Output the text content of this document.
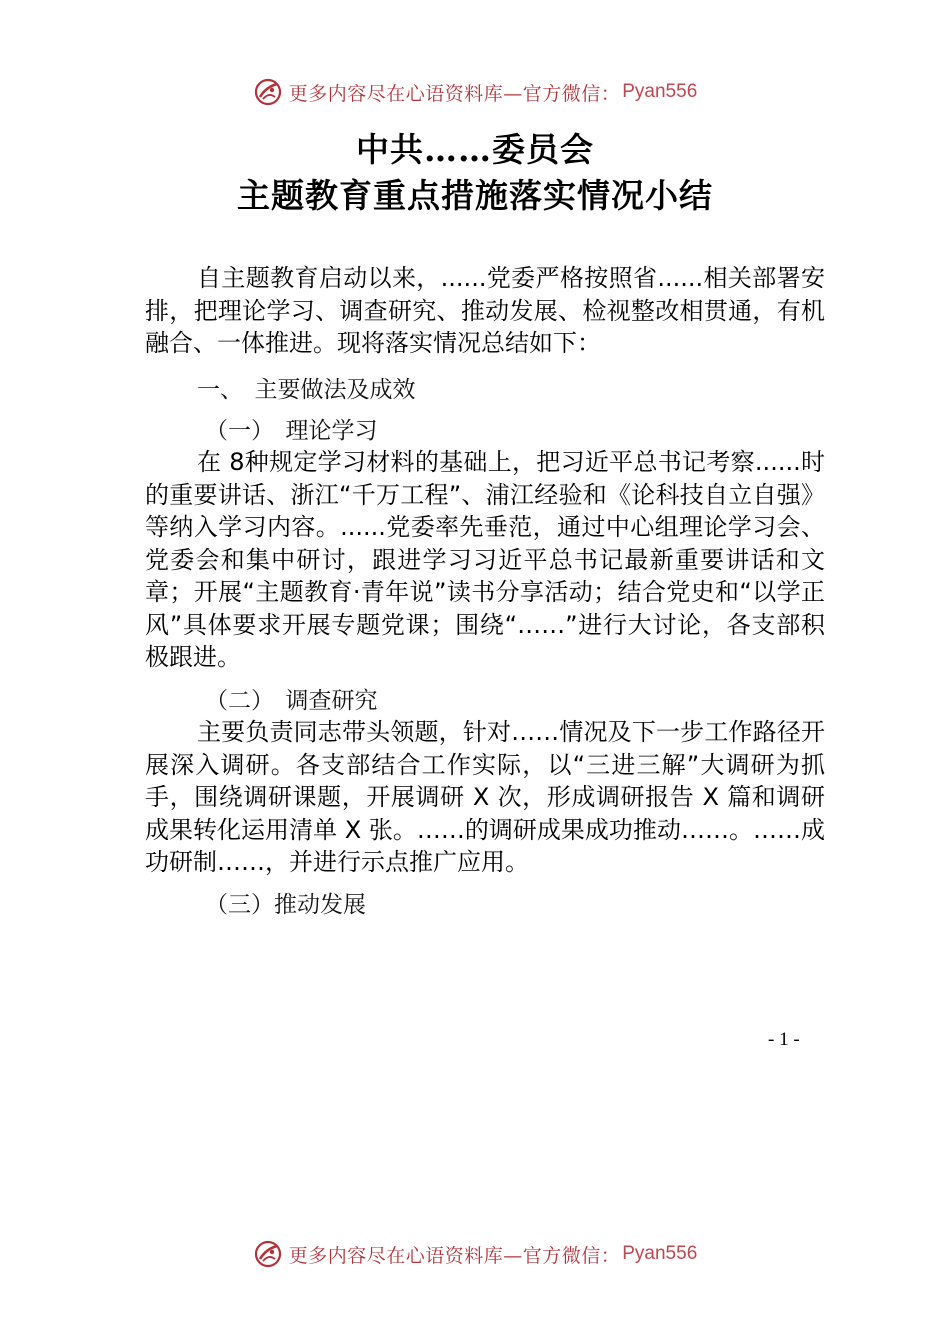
更多内容尽在心语资料库—官方微信： Pyan556
中共……委员会
主题教育重点措施落实情况小结

自主题教育启动以来，......党委严格按照省......相关部署安排，把理论学习、调查研究、推动发展、检视整改相贯通，有机融合、一体推进。现将落实情况总结如下：

一、　主要做法及成效
（一）　理论学习

在 8种规定学习材料的基础上，把习近平总书记考察......时的重要讲话、浙江“千万工程”、浦江经验和《论科技自立自强》等纳入学习内容。......党委率先垂范，通过中心组理论学习会、党委会和集中研讨，跟进学习习近平总书记最新重要讲话和文章；开展“主题教育·青年说”读书分享活动；结合党史和“以学正风”具体要求开展专题党课；围绕“……”进行大讨论，各支部积极跟进。

（二）　调查研究

主要负责同志带头领题，针对……情况及下一步工作路径开展深入调研。各支部结合工作实际，以“三进三解”大调研为抓手，围绕调研课题，开展调研 X 次，形成调研报告 X 篇和调研成果转化运用清单 X 张。……的调研成果成功推动……。……成功研制……，并进行示点推广应用。

（三）推动发展
- 1 -
更多内容尽在心语资料库—官方微信： Pyan556
